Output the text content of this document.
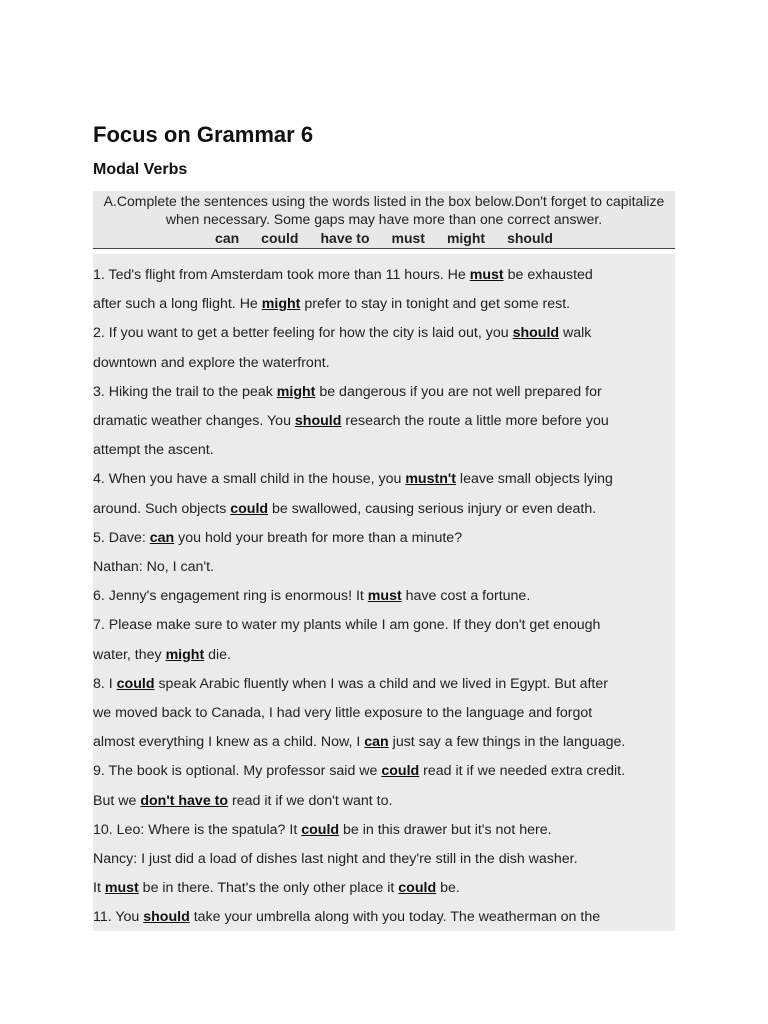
Focus on Grammar 6
Modal Verbs
A.Complete the sentences using the words listed in the box below.Don't forget to capitalize when necessary. Some gaps may have more than one correct answer.
can could have to must might should
1. Ted's flight from Amsterdam took more than 11 hours. He must be exhausted
after such a long flight. He might prefer to stay in tonight and get some rest.
2. If you want to get a better feeling for how the city is laid out, you should walk
downtown and explore the waterfront.
3. Hiking the trail to the peak might be dangerous if you are not well prepared for
dramatic weather changes. You should research the route a little more before you
attempt the ascent.
4. When you have a small child in the house, you mustn't leave small objects lying
around. Such objects could be swallowed, causing serious injury or even death.
5. Dave: can you hold your breath for more than a minute?
Nathan: No, I can't.
6. Jenny's engagement ring is enormous! It must have cost a fortune.
7. Please make sure to water my plants while I am gone. If they don't get enough
water, they might die.
8. I could speak Arabic fluently when I was a child and we lived in Egypt. But after
we moved back to Canada, I had very little exposure to the language and forgot
almost everything I knew as a child. Now, I can just say a few things in the language.
9. The book is optional. My professor said we could read it if we needed extra credit.
But we don't have to read it if we don't want to.
10. Leo: Where is the spatula? It could be in this drawer but it's not here.
Nancy: I just did a load of dishes last night and they're still in the dish washer.
It must be in there. That's the only other place it could be.
11. You should take your umbrella along with you today. The weatherman on the
